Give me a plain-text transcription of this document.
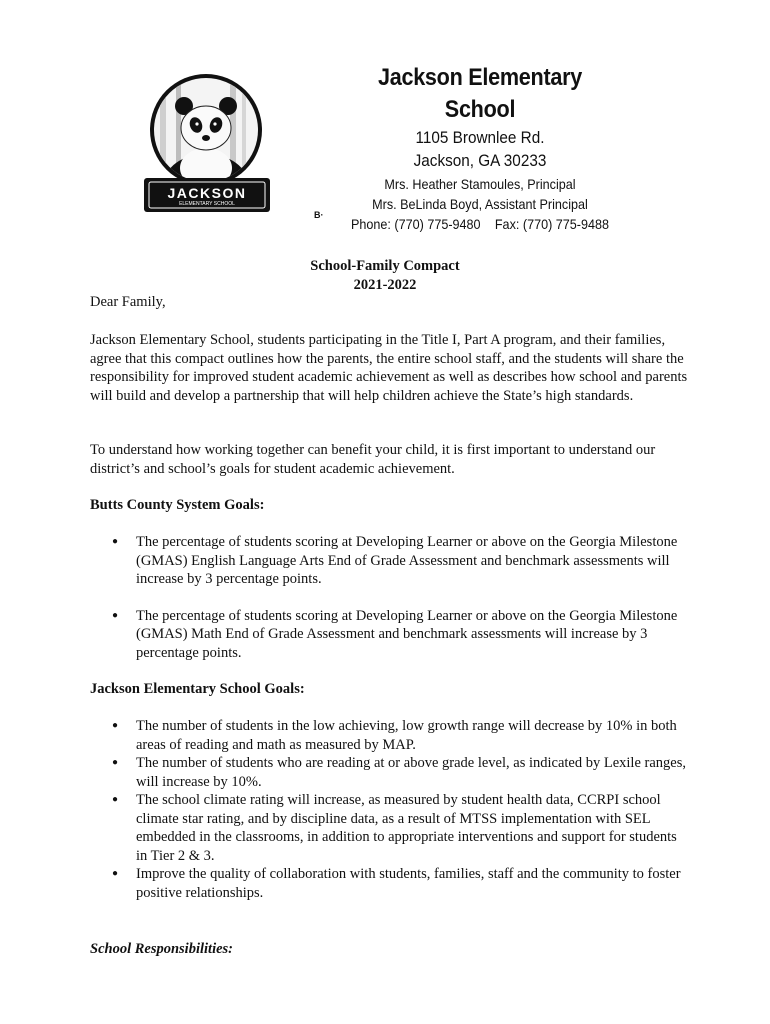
JACKSON
ELEMENTARY SCHOOL
Jackson Elementary School
1105 Brownlee Rd.
Jackson, GA 30233
Mrs. Heather Stamoules, Principal
Mrs. BeLinda Boyd, Assistant Principal
Phone: (770) 775-9480 Fax: (770) 775-9488
B·
School-Family Compact
2021-2022
Dear Family,
Jackson Elementary School, students participating in the Title I, Part A program, and their families, agree that this compact outlines how the parents, the entire school staff, and the students will share the responsibility for improved student academic achievement as well as describes how school and parents will build and develop a partnership that will help children achieve the State’s high standards.
To understand how working together can benefit your child, it is first important to understand our district’s and school’s goals for student academic achievement.
Butts County System Goals:
● The percentage of students scoring at Developing Learner or above on the Georgia Milestone (GMAS) English Language Arts End of Grade Assessment and benchmark assessments will increase by 3 percentage points.
● The percentage of students scoring at Developing Learner or above on the Georgia Milestone (GMAS) Math End of Grade Assessment and benchmark assessments will increase by 3 percentage points.
Jackson Elementary School Goals:
● The number of students in the low achieving, low growth range will decrease by 10% in both areas of reading and math as measured by MAP.
● The number of students who are reading at or above grade level, as indicated by Lexile ranges, will increase by 10%.
● The school climate rating will increase, as measured by student health data, CCRPI school climate star rating, and by discipline data, as a result of MTSS implementation with SEL embedded in the classrooms, in addition to appropriate interventions and support for students in Tier 2 & 3.
● Improve the quality of collaboration with students, families, staff and the community to foster positive relationships.
School Responsibilities:
